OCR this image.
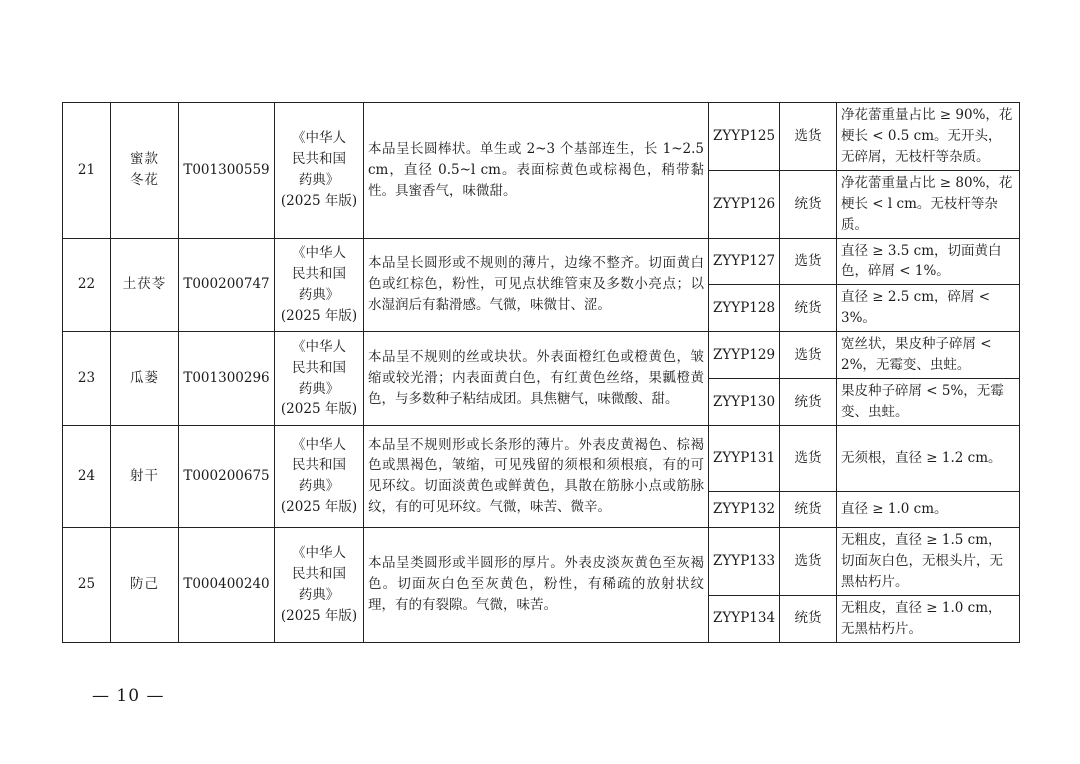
21	蜜款
冬花	T001300559	《中华人
民共和国
药典》
(2025 年版)	本品呈长圆棒状。单生或 2~3 个基部连生，长 1~2.5 cm，直径 0.5~l cm。表面棕黄色或棕褐色，稍带黏性。具蜜香气，味微甜。	ZYYP125	选货	净花蕾重量占比 ≥ 90%，花梗长 < 0.5 cm。无开头，无碎屑，无枝杆等杂质。
					ZYYP126	统货	净花蕾重量占比 ≥ 80%，花梗长 < l cm。无枝杆等杂质。
22	土茯苓	T000200747	《中华人
民共和国
药典》
(2025 年版)	本品呈长圆形或不规则的薄片，边缘不整齐。切面黄白色或红棕色，粉性，可见点状维管束及多数小亮点；以水湿润后有黏滑感。气微，味微甘、涩。	ZYYP127	选货	直径 ≥ 3.5 cm，切面黄白色，碎屑 < 1%。
					ZYYP128	统货	直径 ≥ 2.5 cm，碎屑 < 3%。
23	瓜蒌	T001300296	《中华人
民共和国
药典》
(2025 年版)	本品呈不规则的丝或块状。外表面橙红色或橙黄色，皱缩或较光滑；内表面黄白色，有红黄色丝络，果瓤橙黄色，与多数种子粘结成团。具焦糖气，味微酸、甜。	ZYYP129	选货	宽丝状，果皮种子碎屑 < 2%，无霉变、虫蛀。
					ZYYP130	统货	果皮种子碎屑 < 5%，无霉变、虫蛀。
24	射干	T000200675	《中华人
民共和国
药典》
(2025 年版)	本品呈不规则形或长条形的薄片。外表皮黄褐色、棕褐色或黑褐色，皱缩，可见残留的须根和须根痕，有的可见环纹。切面淡黄色或鲜黄色，具散在筋脉小点或筋脉纹，有的可见环纹。气微，味苦、微辛。	ZYYP131	选货	无须根，直径 ≥ 1.2 cm。
					ZYYP132	统货	直径 ≥ 1.0 cm。
25	防己	T000400240	《中华人
民共和国
药典》
(2025 年版)	本品呈类圆形或半圆形的厚片。外表皮淡灰黄色至灰褐色。切面灰白色至灰黄色，粉性，有稀疏的放射状纹理，有的有裂隙。气微，味苦。	ZYYP133	选货	无粗皮，直径 ≥ 1.5 cm，切面灰白色，无根头片，无黑枯朽片。
					ZYYP134	统货	无粗皮，直径 ≥ 1.0 cm，无黑枯朽片。
— 10 —
